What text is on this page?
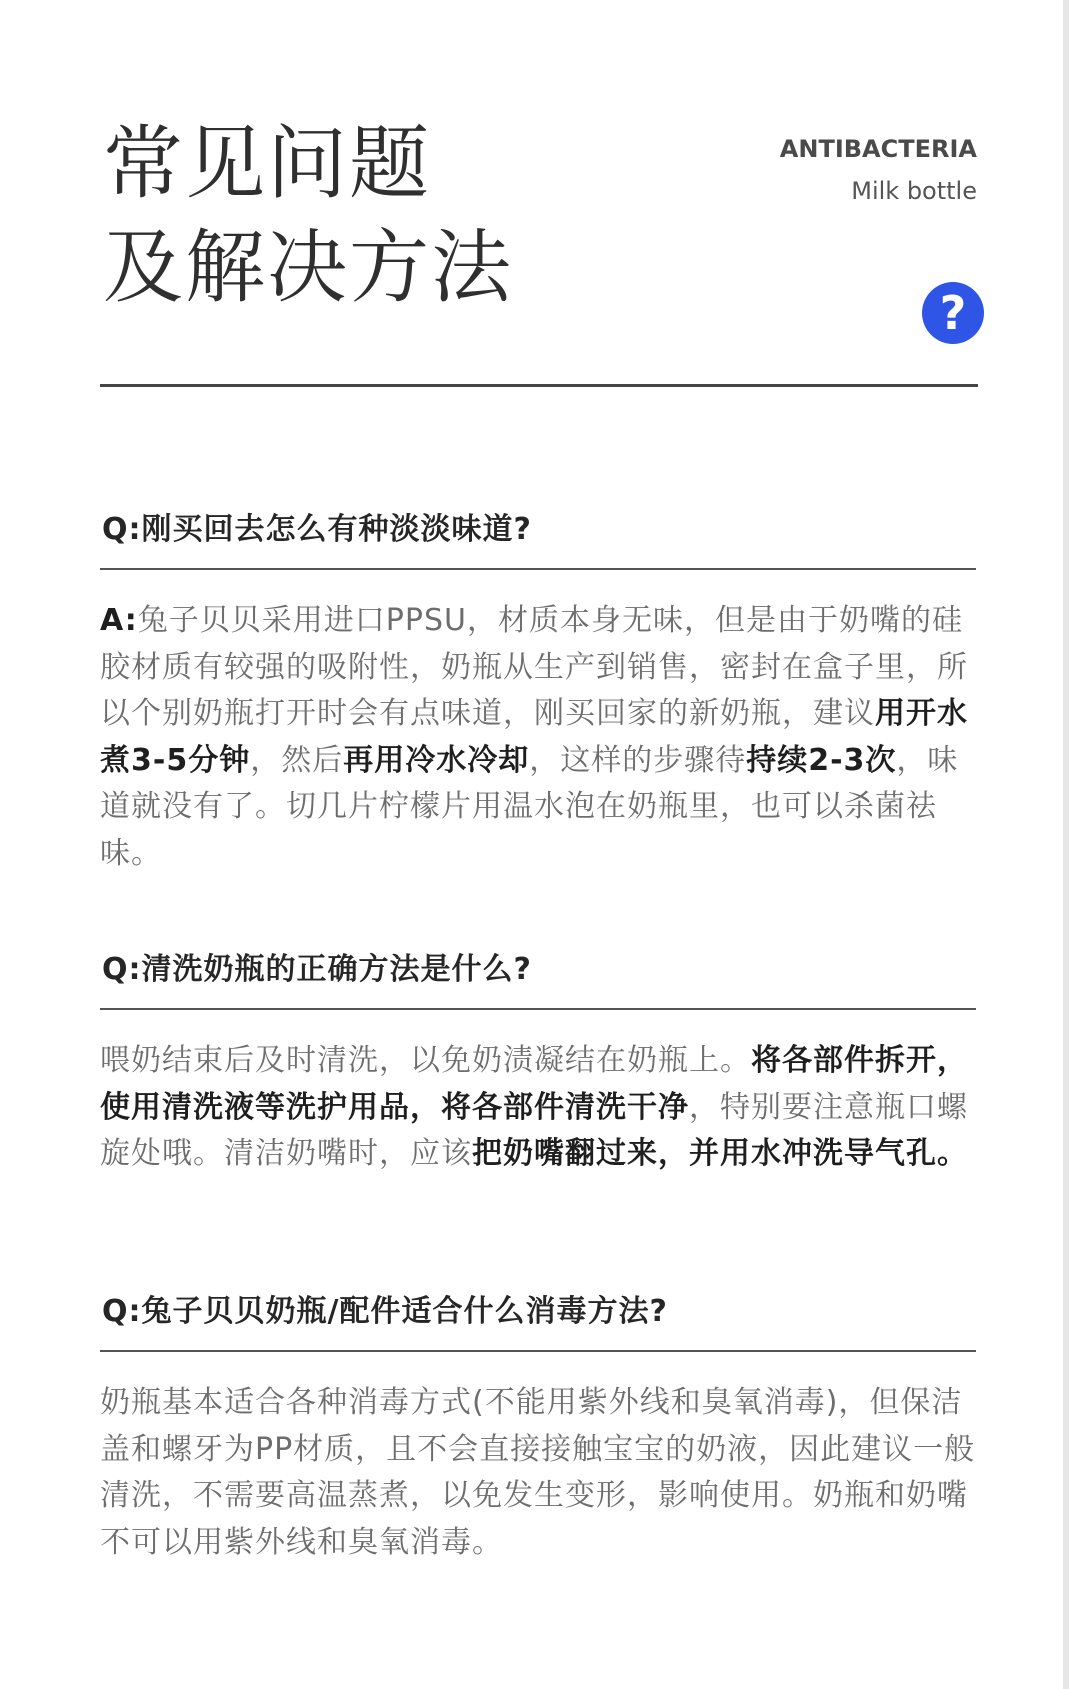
常见问题
及解决方法
ANTIBACTERIA
Milk bottle
?
Q:刚买回去怎么有种淡淡味道?
A:兔子贝贝采用进口PPSU，材质本身无味，但是由于奶嘴的硅胶材质有较强的吸附性，奶瓶从生产到销售，密封在盒子里，所以个别奶瓶打开时会有点味道，刚买回家的新奶瓶，建议用开水煮3-5分钟，然后再用冷水冷却，这样的步骤待持续2-3次，味道就没有了。切几片柠檬片用温水泡在奶瓶里，也可以杀菌祛味。
Q:清洗奶瓶的正确方法是什么?
喂奶结束后及时清洗，以免奶渍凝结在奶瓶上。将各部件拆开，使用清洗液等洗护用品，将各部件清洗干净，特别要注意瓶口螺旋处哦。清洁奶嘴时，应该把奶嘴翻过来，并用水冲洗导气孔。
Q:兔子贝贝奶瓶/配件适合什么消毒方法?
奶瓶基本适合各种消毒方式(不能用紫外线和臭氧消毒)，但保洁盖和螺牙为PP材质，且不会直接接触宝宝的奶液，因此建议一般清洗，不需要高温蒸煮，以免发生变形，影响使用。奶瓶和奶嘴不可以用紫外线和臭氧消毒。
